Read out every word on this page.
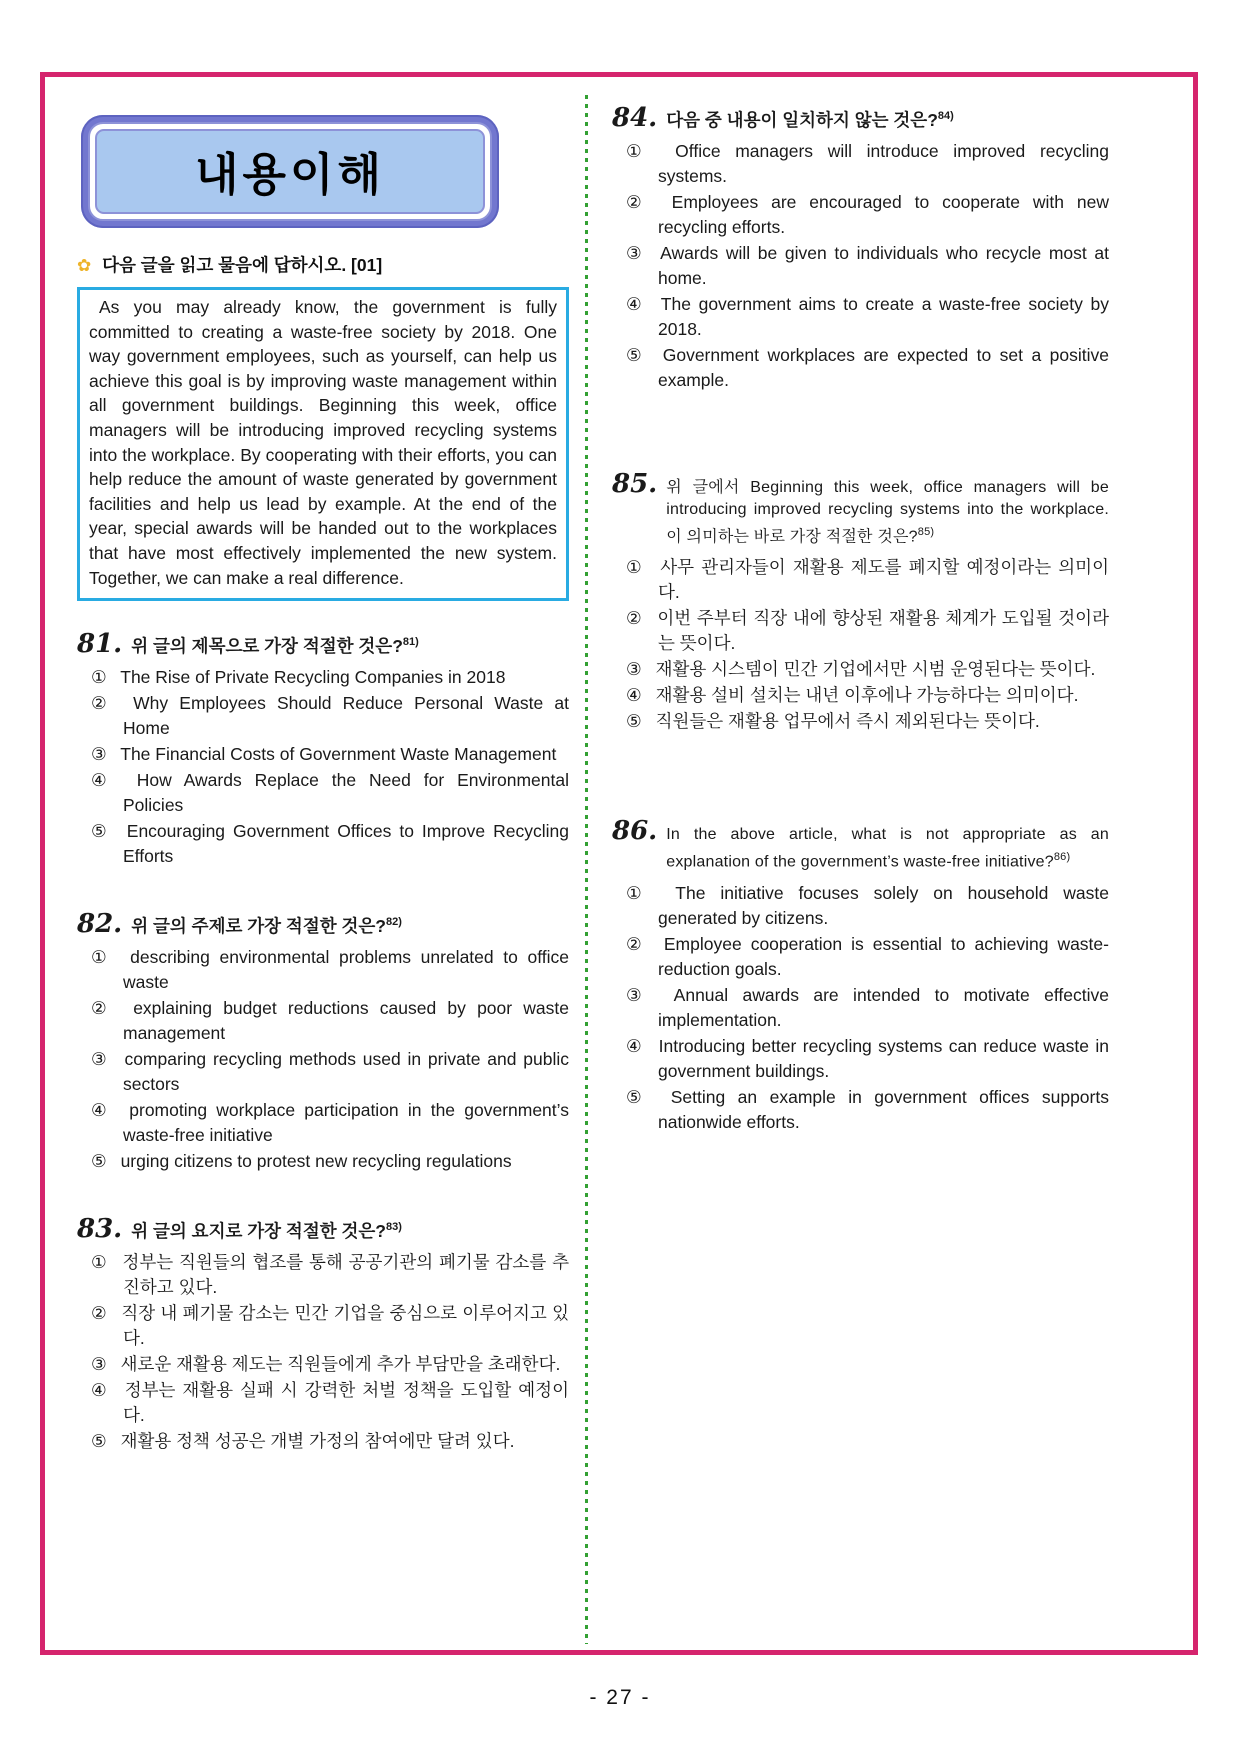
내용이해
✿ 다음 글을 읽고 물음에 답하시오. [01]

As you may already know, the government is fully committed to creating a waste-free society by 2018. One way government employees, such as yourself, can help us achieve this goal is by improving waste management within all government buildings. Beginning this week, office managers will be introducing improved recycling systems into the workplace. By cooperating with their efforts, you can help reduce the amount of waste generated by government facilities and help us lead by example. At the end of the year, special awards will be handed out to the workplaces that have most effectively implemented the new system. Together, we can make a real difference.

81. 위 글의 제목으로 가장 적절한 것은?$^{81)}$
① The Rise of Private Recycling Companies in 2018
② Why Employees Should Reduce Personal Waste at Home
③ The Financial Costs of Government Waste Management
④ How Awards Replace the Need for Environmental Policies
⑤ Encouraging Government Offices to Improve Recycling Efforts
82. 위 글의 주제로 가장 적절한 것은?$^{82)}$
① describing environmental problems unrelated to office waste
② explaining budget reductions caused by poor waste management
③ comparing recycling methods used in private and public sectors
④ promoting workplace participation in the government’s waste-free initiative
⑤ urging citizens to protest new recycling regulations
83. 위 글의 요지로 가장 적절한 것은?$^{83)}$
① 정부는 직원들의 협조를 통해 공공기관의 폐기물 감소를 추진하고 있다.
② 직장 내 폐기물 감소는 민간 기업을 중심으로 이루어지고 있다.
③ 새로운 재활용 제도는 직원들에게 추가 부담만을 초래한다.
④ 정부는 재활용 실패 시 강력한 처벌 정책을 도입할 예정이다.
⑤ 재활용 정책 성공은 개별 가정의 참여에만 달려 있다.
84. 다음 중 내용이 일치하지 않는 것은?$^{84)}$
① Office managers will introduce improved recycling systems.
② Employees are encouraged to cooperate with new recycling efforts.
③ Awards will be given to individuals who recycle most at home.
④ The government aims to create a waste-free society by 2018.
⑤ Government workplaces are expected to set a positive example.
85. 위 글에서 Beginning this week, office managers will be introducing improved recycling systems into the workplace. 이 의미하는 바로 가장 적절한 것은?$^{85)}$
① 사무 관리자들이 재활용 제도를 폐지할 예정이라는 의미이다.
② 이번 주부터 직장 내에 향상된 재활용 체계가 도입될 것이라는 뜻이다.
③ 재활용 시스템이 민간 기업에서만 시범 운영된다는 뜻이다.
④ 재활용 설비 설치는 내년 이후에나 가능하다는 의미이다.
⑤ 직원들은 재활용 업무에서 즉시 제외된다는 뜻이다.
86. In the above article, what is not appropriate as an explanation of the government’s waste-free initiative?$^{86)}$
① The initiative focuses solely on household waste generated by citizens.
② Employee cooperation is essential to achieving waste-reduction goals.
③ Annual awards are intended to motivate effective implementation.
④ Introducing better recycling systems can reduce waste in government buildings.
⑤ Setting an example in government offices supports nationwide efforts.
- 27 -
